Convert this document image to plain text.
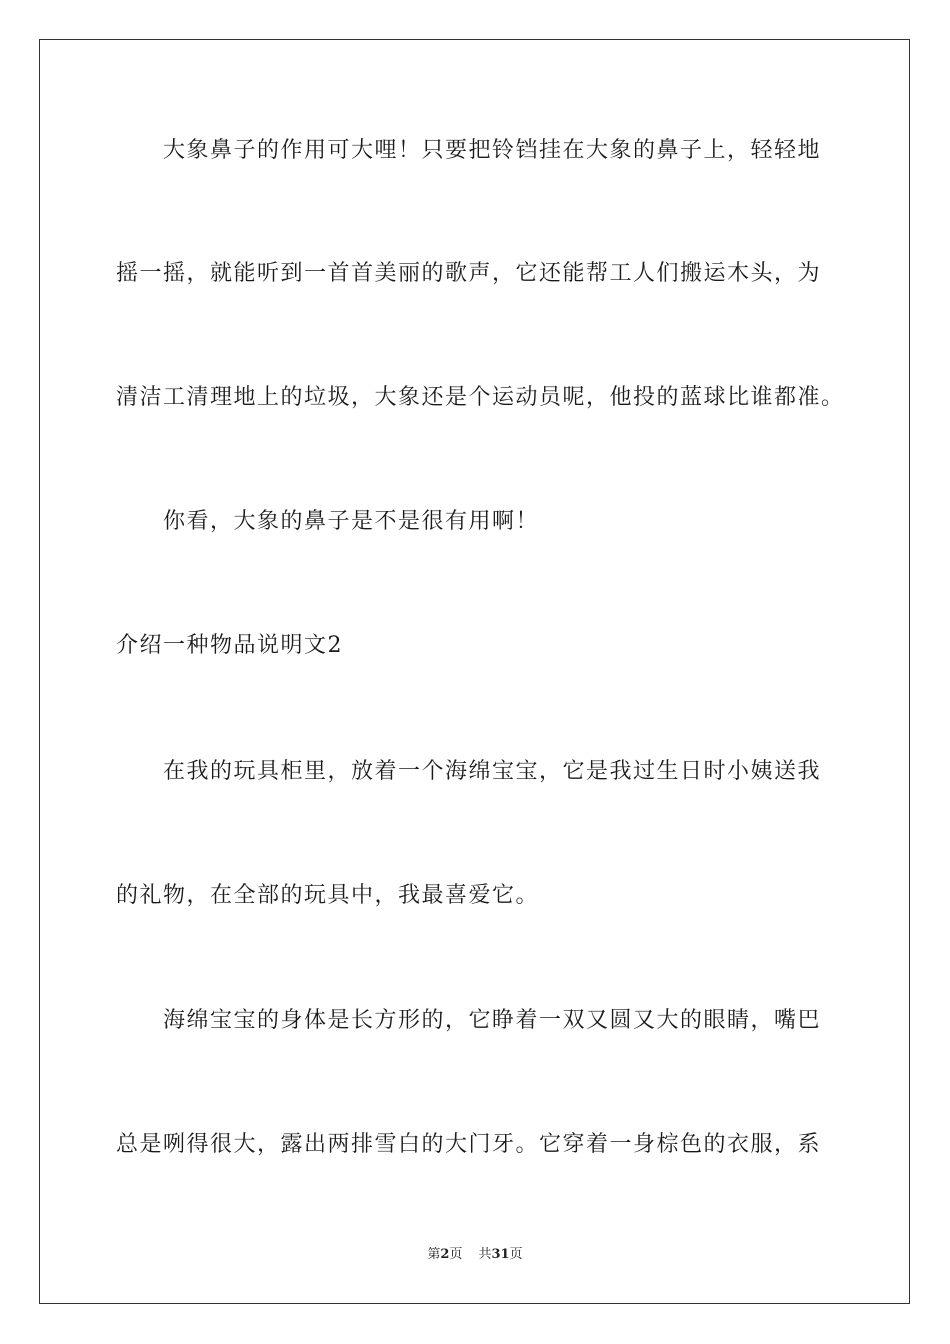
大象鼻子的作用可大哩！只要把铃铛挂在大象的鼻子上，轻轻地
摇一摇，就能听到一首首美丽的歌声，它还能帮工人们搬运木头，为
清洁工清理地上的垃圾，大象还是个运动员呢，他投的蓝球比谁都准。
你看，大象的鼻子是不是很有用啊！
介绍一种物品说明文2
在我的玩具柜里，放着一个海绵宝宝，它是我过生日时小姨送我
的礼物，在全部的玩具中，我最喜爱它。
海绵宝宝的身体是长方形的，它睁着一双又圆又大的眼睛，嘴巴
总是咧得很大，露出两排雪白的大门牙。它穿着一身棕色的衣服，系
第2页 共31页
